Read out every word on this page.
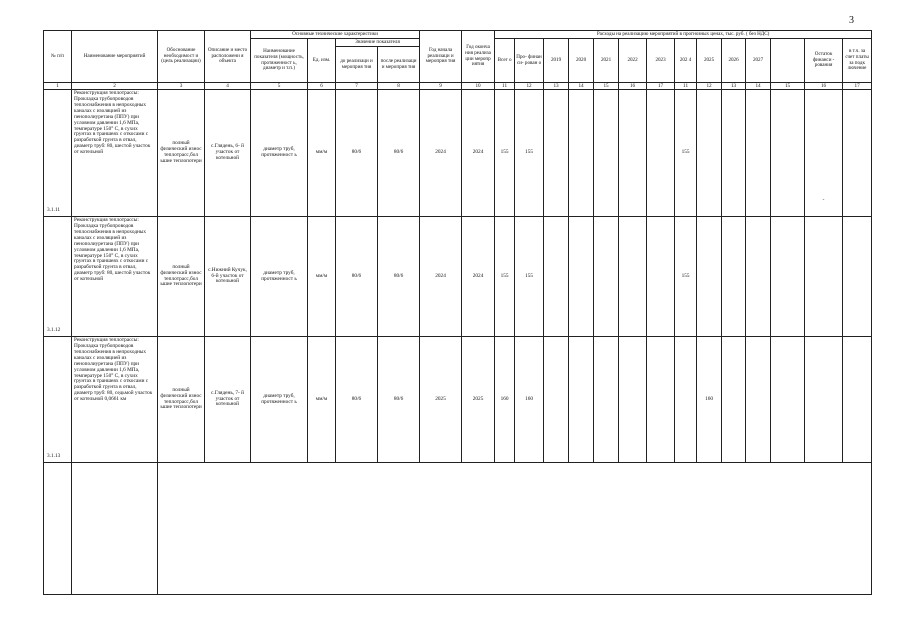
3
№ п/п	Наименование мероприятий	Обоснование необходимост и (цель реализации)	Описание и место расположени я объекта	Основные технические характеристики				Год начала реализаци и мероприя тия	Год оконча ния реализа ции меропр иятия	Расходы на реализацию мероприятий в прогнозных ценах, тыс. руб. ( без НДС)													
				Наименование показателя (мощность, протяженност ь, диаметр и т.п.)	Ед. изм.	Значение показателя				Всег о	Про- финан си- рован о	2019	2020	2021	2022	2023	202 4	2025	2026	2027		Остаток финанси - рования	в т.ч. за счет платы за подк лючение
						до реализаци и мероприя тия	после реализаци и мероприя тия																
1	2	3	4	5	6	7	8	9	10	11	12	13	14	15	16	17	11	12	13	14	15	16	17
3.1.11	Реконструкция теплотрассы: Прокладка трубопроводов теплоснабжения в непроходных каналах с изоляцией из пенополиуретана (ППУ) при условном давлении 1,6 МПа, температуре 150° С, в сухих грунтах в траншеях с откосами с разработкой грунта в отвал, диаметр труб: 80, шестой участок от котельной	полный физический износ теплотрасс,бол ьшие теплопотери	с.Глядень, 6- й участок от котельной	диаметр труб, протяженност ь	мм/м	80/6	80/6	2024	2024	155	155						155					-	
3.1.12	Реконструкция теплотрассы: Прокладка трубопроводов теплоснабжения в непроходных каналах с изоляцией из пенополиуретана (ППУ) при условном давлении 1,6 МПа, температуре 150° С, в сухих грунтах в траншеях с откосами с разработкой грунта в отвал, диаметр труб: 80, шестой участок от котельной	полный физический износ теплотрасс,бол ьшие теплопотери	с.Нижний Кучук, 6-й участок от котельной	диаметр труб, протяженност ь	мм/м	80/6	80/6	2024	2024	155	155						155						
3.1.13	Реконструкция теплотрассы: Прокладка трубопроводов теплоснабжения в непроходных каналах с изоляцией из пенополиуретана (ППУ) при условном давлении 1,6 МПа, температуре 150° С, в сухих грунтах в траншеях с откосами с разработкой грунта в отвал, диаметр труб: 80, седьмой участок от котельной 0,0661 км	полный физический износ теплотрасс,бол ьшие теплопотери	с.Глядень, 7- й участок от котельной	диаметр труб, протяженност ь	мм/м	80/6	80/6	2025	2025	160	160							160					
